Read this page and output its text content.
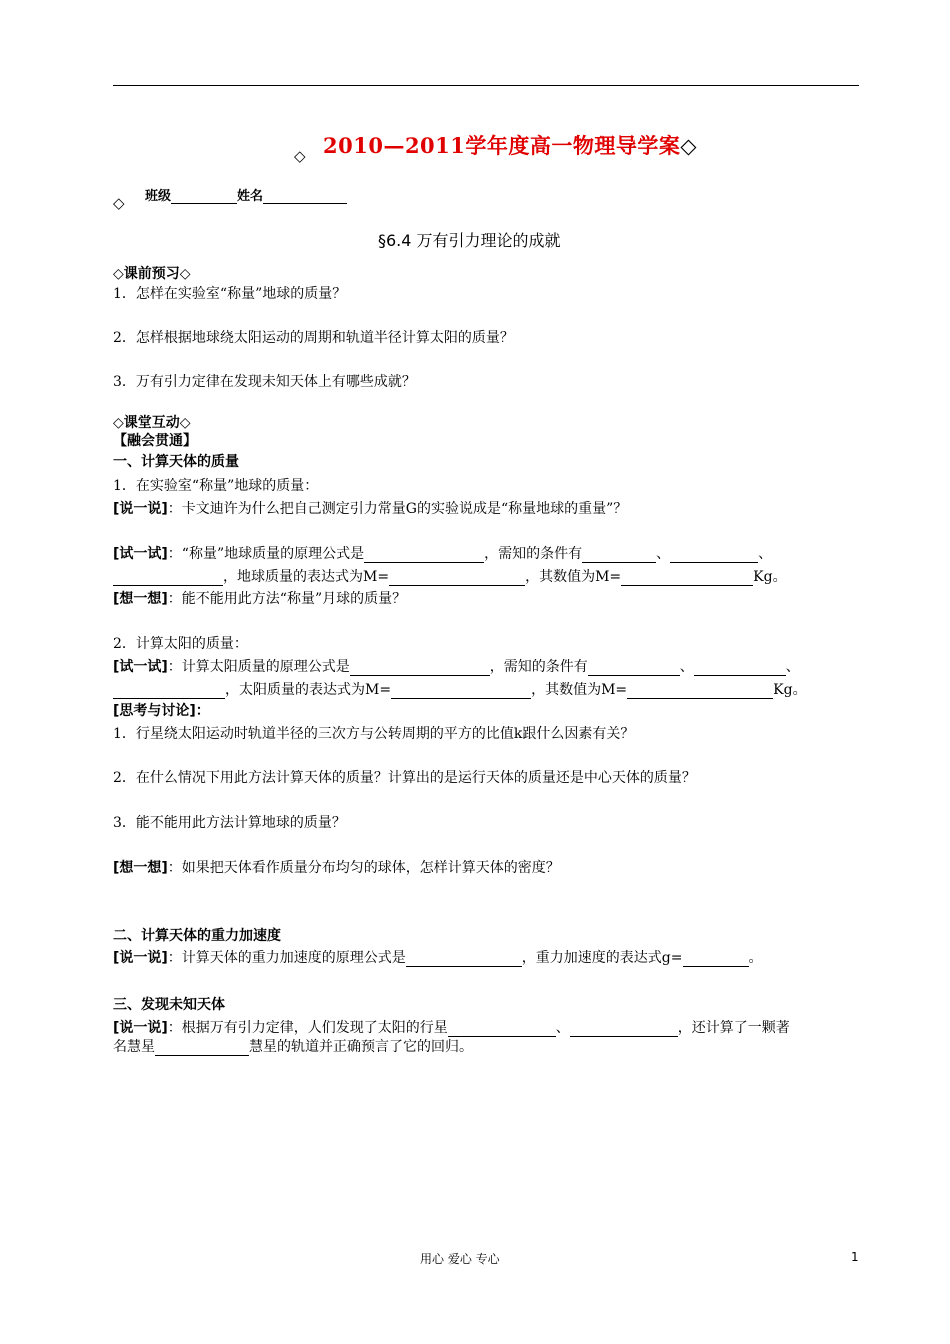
◇ 2010—2011学年度高一物理导学案◇
◇ 班级	姓名
§6.4 万有引力理论的成就
◇课前预习◇
1．怎样在实验室“称量”地球的质量？
2．怎样根据地球绕太阳运动的周期和轨道半径计算太阳的质量？
3．万有引力定律在发现未知天体上有哪些成就？
◇课堂互动◇
【融会贯通】
一、计算天体的质量
1．在实验室“称量”地球的质量：
[说一说]：卡文迪许为什么把自己测定引力常量G的实验说成是“称量地球的重量”？
[试一试]：“称量”地球质量的原理公式是	，需知的条件有	、	、
，地球质量的表达式为M=	，其数值为M=	Kg。
[想一想]：能不能用此方法“称量”月球的质量？
2．计算太阳的质量：
[试一试]：计算太阳质量的原理公式是	，需知的条件有	、	、
，太阳质量的表达式为M=	，其数值为M=	Kg。
[思考与讨论]：
1．行星绕太阳运动时轨道半径的三次方与公转周期的平方的比值k跟什么因素有关？
2．在什么情况下用此方法计算天体的质量？计算出的是运行天体的质量还是中心天体的质量？
3．能不能用此方法计算地球的质量？
[想一想]：如果把天体看作质量分布均匀的球体，怎样计算天体的密度？
二、计算天体的重力加速度
[说一说]：计算天体的重力加速度的原理公式是	，重力加速度的表达式g=	。
三、发现未知天体
[说一说]：根据万有引力定律，人们发现了太阳的行星	、	，还计算了一颗著
名慧星	慧星的轨道并正确预言了它的回归。
用心 爱心 专心	1
